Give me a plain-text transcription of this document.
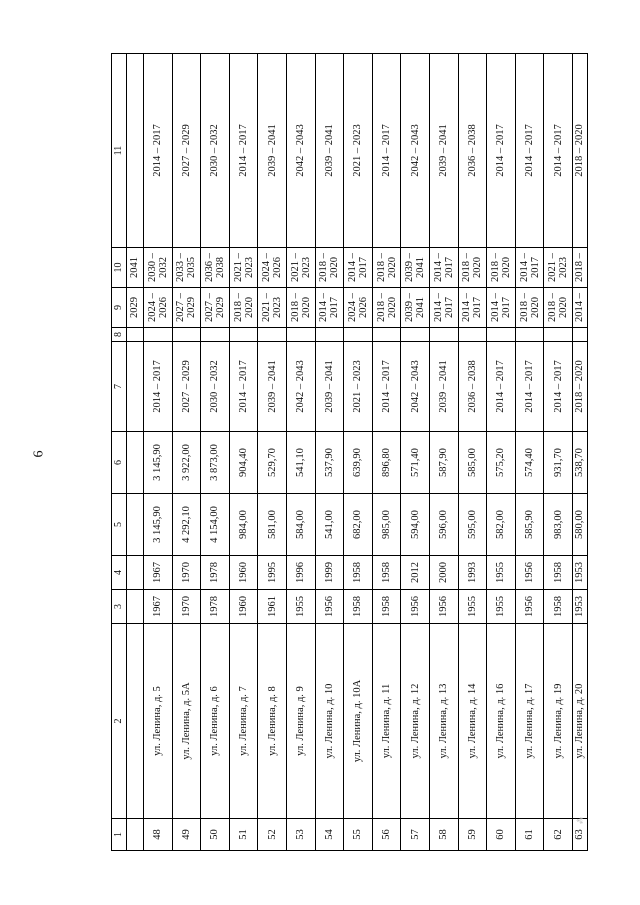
6
1	2	3	4	5	6	7	8	9	10	11
								2029	2041	
48	ул. Ленина, д. 5	1967	1967	3 145,90	3 145,90	2014 – 2017		2024 – 2026	2030 – 2032	2014 – 2017
49	ул. Ленина, д. 5А	1970	1970	4 292,10	3 922,00	2027 – 2029		2027 – 2029	2033 – 2035	2027 – 2029
50	ул. Ленина, д. 6	1978	1978	4 154,00	3 873,00	2030 – 2032		2027 – 2029	2036 – 2038	2030 – 2032
51	ул. Ленина, д. 7	1960	1960	984,00	904,40	2014 – 2017		2018 – 2020	2021 – 2023	2014 – 2017
52	ул. Ленина, д. 8	1961	1995	581,00	529,70	2039 – 2041		2021 – 2023	2024 – 2026	2039 – 2041
53	ул. Ленина, д. 9	1955	1996	584,00	541,10	2042 – 2043		2018 – 2020	2021 – 2023	2042 – 2043
54	ул. Ленина, д. 10	1956	1999	541,00	537,90	2039 – 2041		2014 – 2017	2018 – 2020	2039 – 2041
55	ул. Ленина, д. 10А	1958	1958	682,00	639,90	2021 – 2023		2024 – 2026	2014 – 2017	2021 – 2023
56	ул. Ленина, д. 11	1958	1958	985,00	896,80	2014 – 2017		2018 – 2020	2018 – 2020	2014 – 2017
57	ул. Ленина, д. 12	1956	2012	594,00	571,40	2042 – 2043		2039 – 2041	2039 – 2041	2042 – 2043
58	ул. Ленина, д. 13	1956	2000	596,00	587,90	2039 – 2041		2014 – 2017	2014 – 2017	2039 – 2041
59	ул. Ленина, д. 14	1955	1993	595,00	585,00	2036 – 2038		2014 – 2017	2018 – 2020	2036 – 2038
60	ул. Ленина, д. 16	1955	1955	582,00	575,20	2014 – 2017		2014 – 2017	2018 – 2020	2014 – 2017
61	ул. Ленина, д. 17	1956	1956	585,90	574,40	2014 – 2017		2018 – 2020	2014 – 2017	2014 – 2017
62	ул. Ленина, д. 19	1958	1958	983,00	931,70	2014 – 2017		2018 – 2020	2021 – 2023	2014 – 2017
63	ул. Ленина, д. 20	1953	1953	580,00	538,70	2018 – 2020		2014 –	2018 –	2018 – 2020
⁂
